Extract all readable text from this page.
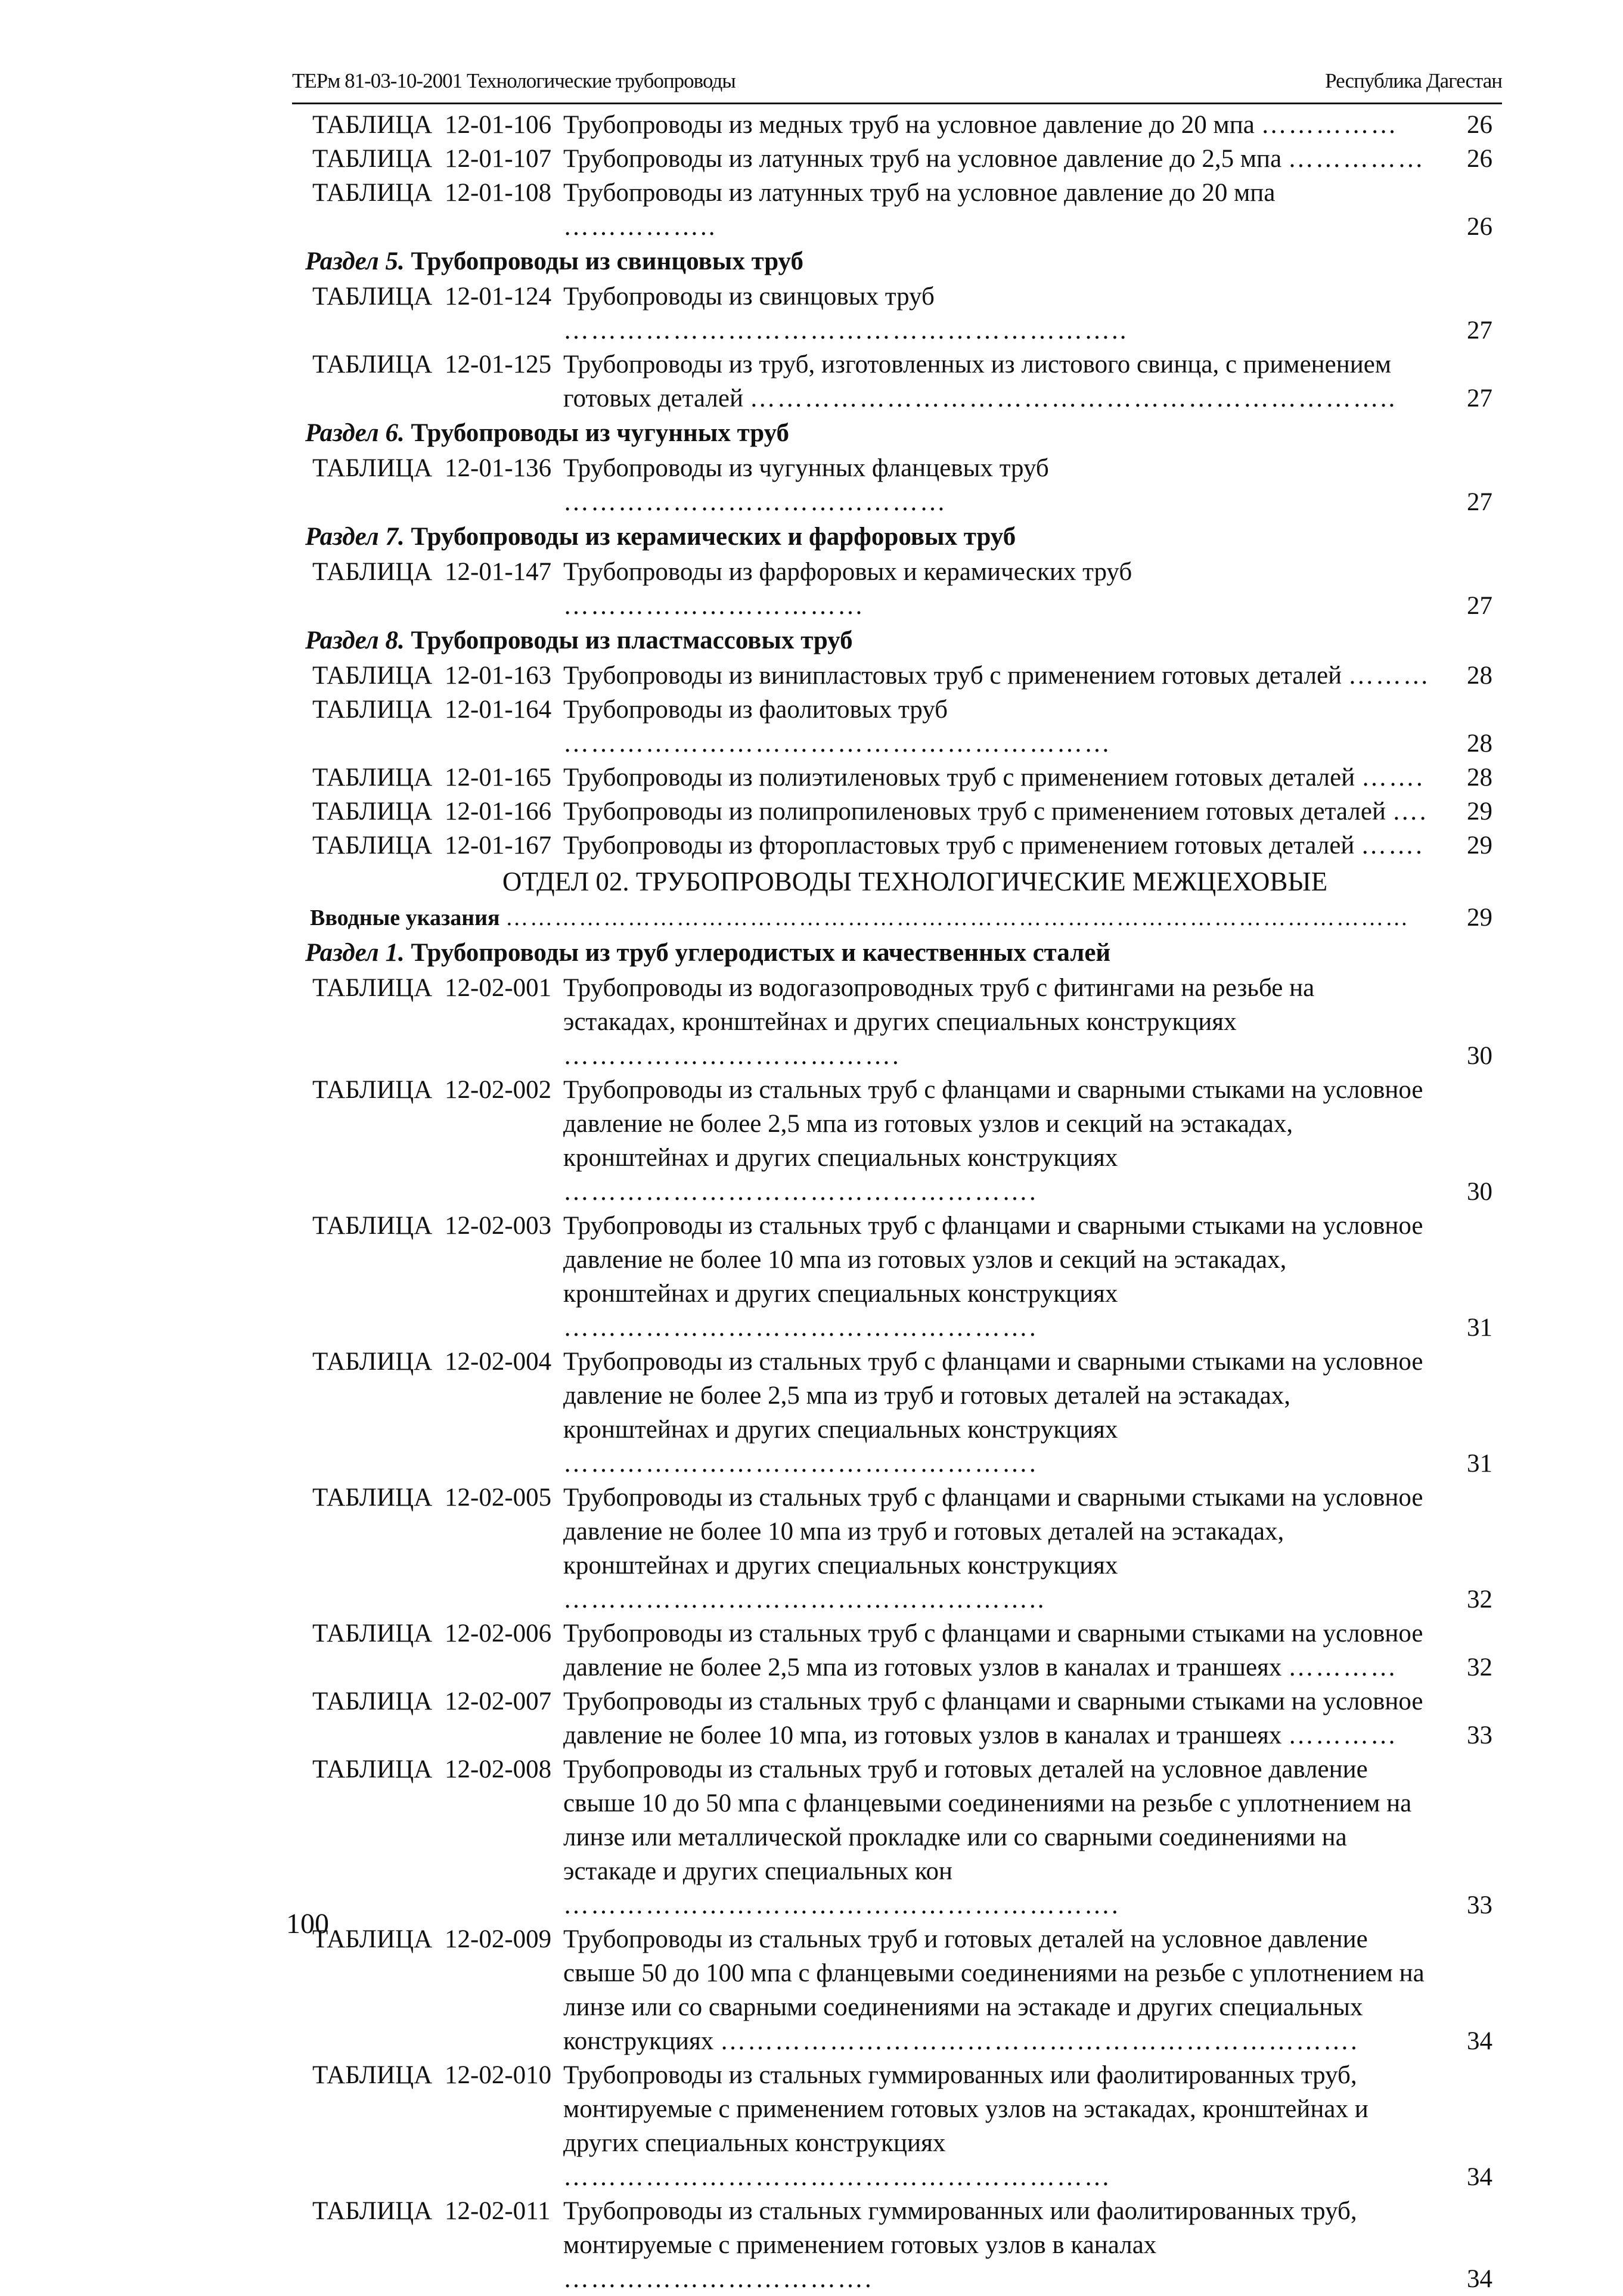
ТЕРм 81-03-10-2001 Технологические трубопроводы	Республика Дагестан
ТАБЛИЦА 12-01-106 Трубопроводы из медных труб на условное давление до 20 мпа ……………	26
ТАБЛИЦА 12-01-107 Трубопроводы из латунных труб на условное давление до 2,5 мпа …………… 26
ТАБЛИЦА 12-01-108 Трубопроводы из латунных труб на условное давление до 20 мпа ……………..	26
Раздел 5. Трубопроводы из свинцовых труб
ТАБЛИЦА 12-01-124 Трубопроводы из свинцовых труб ……………………………………………………..	27
ТАБЛИЦА 12-01-125 Трубопроводы из труб, изготовленных из листового свинца, с применением готовых деталей ……………………………………………………………..	27
Раздел 6. Трубопроводы из чугунных труб
ТАБЛИЦА 12-01-136 Трубопроводы из чугунных фланцевых труб ……………………………………	27
Раздел 7. Трубопроводы из керамических и фарфоровых труб
ТАБЛИЦА 12-01-147 Трубопроводы из фарфоровых и керамических труб ……………………………	27
Раздел 8. Трубопроводы из пластмассовых труб
ТАБЛИЦА 12-01-163 Трубопроводы из винипластовых труб с применением готовых деталей ……… 28
ТАБЛИЦА 12-01-164 Трубопроводы из фаолитовых труб ……………………………………………………	28
ТАБЛИЦА 12-01-165 Трубопроводы из полиэтиленовых труб с применением готовых деталей ……. 28
ТАБЛИЦА 12-01-166 Трубопроводы из полипропиленовых труб с применением готовых деталей …. 29
ТАБЛИЦА 12-01-167 Трубопроводы из фторопластовых труб с применением готовых деталей ……. 29
ОТДЕЛ 02. ТРУБОПРОВОДЫ ТЕХНОЛОГИЧЕСКИЕ МЕЖЦЕХОВЫЕ
Вводные указания ………………………………………………………………………………………………… 29
Раздел 1. Трубопроводы из труб углеродистых и качественных сталей
ТАБЛИЦА 12-02-001 Трубопроводы из водогазопроводных труб с фитингами на резьбе на эстакадах, кронштейнах и других специальных конструкциях ……………………………….	30
ТАБЛИЦА 12-02-002 Трубопроводы из стальных труб с фланцами и сварными стыками на условное давление не более 2,5 мпа из готовых узлов и секций на эстакадах, кронштейнах и других специальных конструкциях …………………………………………….	30
ТАБЛИЦА 12-02-003 Трубопроводы из стальных труб с фланцами и сварными стыками на условное давление не более 10 мпа из готовых узлов и секций на эстакадах, кронштейнах и других специальных конструкциях …………………………………………….	31
ТАБЛИЦА 12-02-004 Трубопроводы из стальных труб с фланцами и сварными стыками на условное давление не более 2,5 мпа из труб и готовых деталей на эстакадах, кронштейнах и других специальных конструкциях …………………………………………….	31
ТАБЛИЦА 12-02-005 Трубопроводы из стальных труб с фланцами и сварными стыками на условное давление не более 10 мпа из труб и готовых деталей на эстакадах, кронштейнах и других специальных конструкциях ……………………………………………..	32
ТАБЛИЦА 12-02-006 Трубопроводы из стальных труб с фланцами и сварными стыками на условное давление не более 2,5 мпа из готовых узлов в каналах и траншеях …………	32
ТАБЛИЦА 12-02-007 Трубопроводы из стальных труб с фланцами и сварными стыками на условное давление не более 10 мпа, из готовых узлов в каналах и траншеях …………	33
ТАБЛИЦА 12-02-008 Трубопроводы из стальных труб и готовых деталей на условное давление свыше 10 до 50 мпа с фланцевыми соединениями на резьбе с уплотнением на линзе или металлической прокладке или со сварными соединениями на эстакаде и других специальных кон …………………………………………………….	33
ТАБЛИЦА 12-02-009 Трубопроводы из стальных труб и готовых деталей на условное давление свыше 50 до 100 мпа с фланцевыми соединениями на резьбе с уплотнением на линзе или со сварными соединениями на эстакаде и других специальных конструкциях …………………………………………………………….	34
ТАБЛИЦА 12-02-010 Трубопроводы из стальных гуммированных или фаолитированных труб, монтируемые с применением готовых узлов на эстакадах, кронштейнах и других специальных конструкциях ……………………………………………………	34
ТАБЛИЦА 12-02-011 Трубопроводы из стальных гуммированных или фаолитированных труб, монтируемые с применением готовых узлов в каналах …………………………….	34
100
